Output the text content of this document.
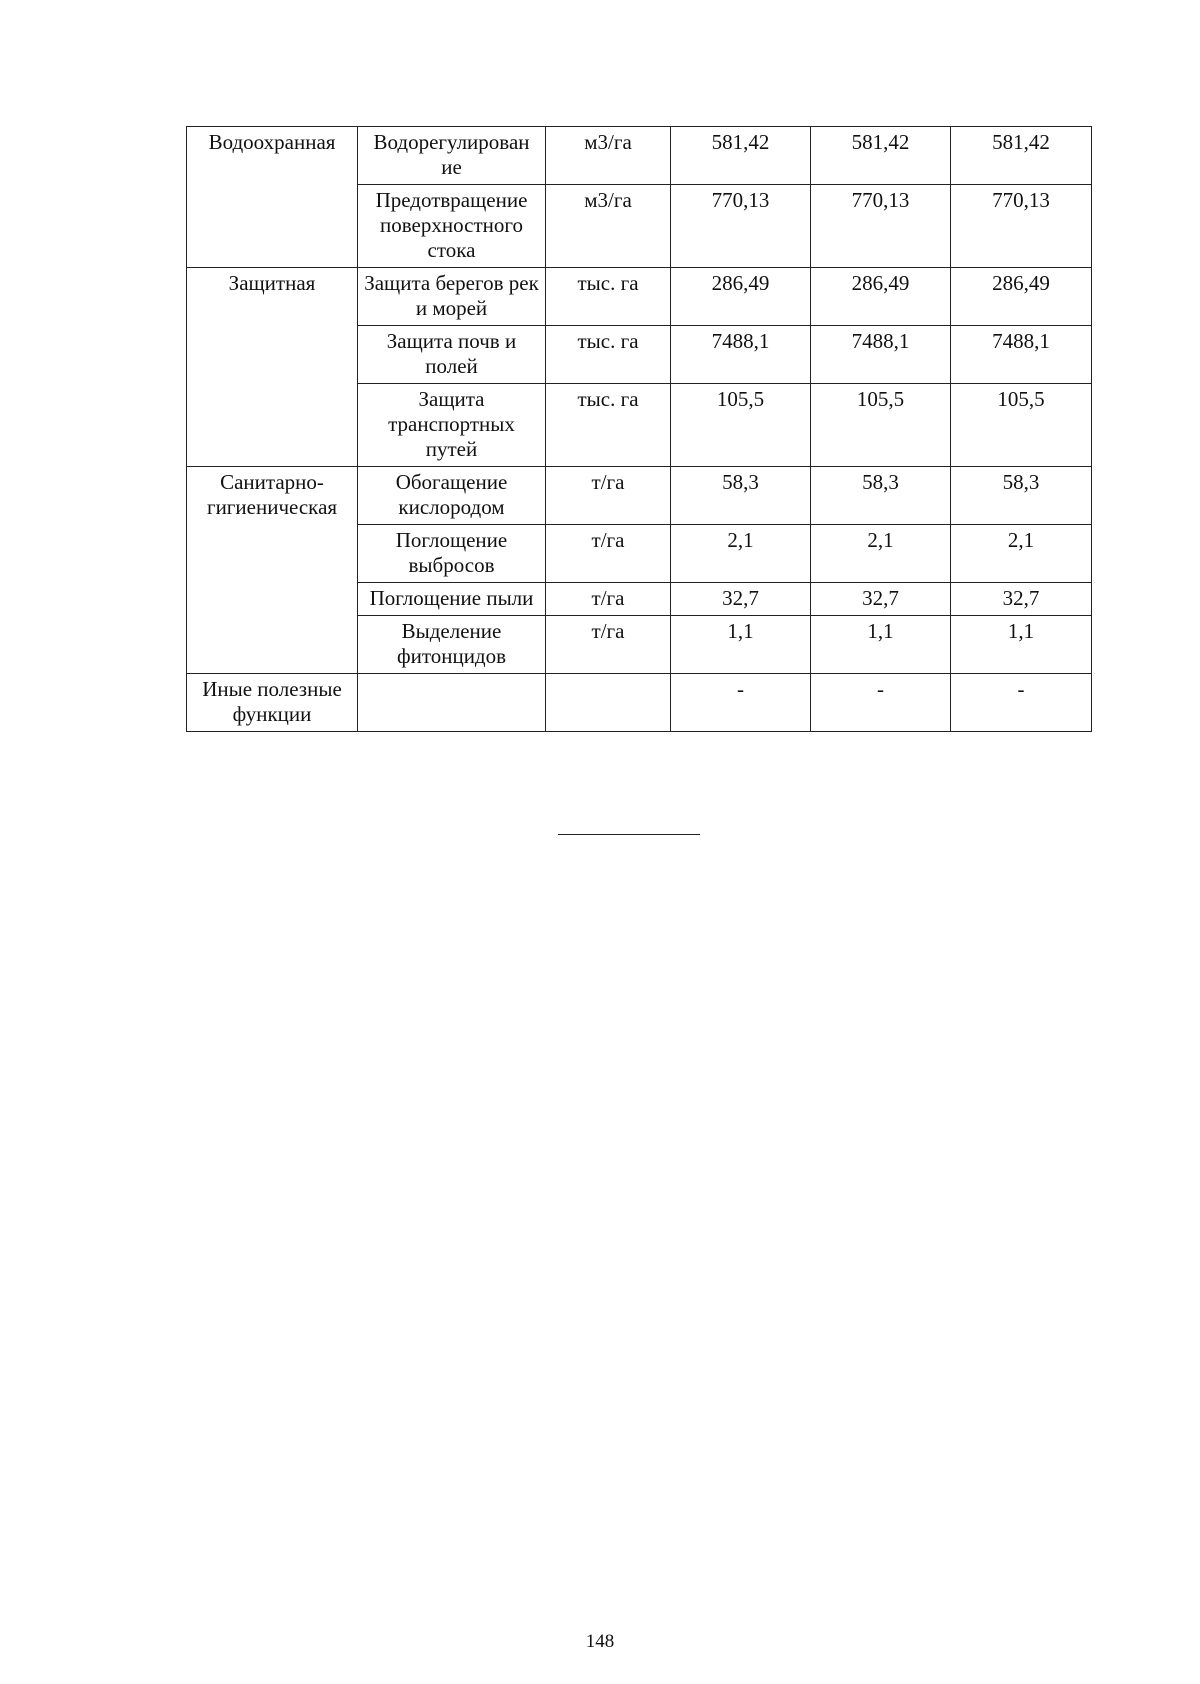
Водоохранная	Водорегулирован ие	м3/га	581,42	581,42	581,42
	Предотвращение поверхностного стока	м3/га	770,13	770,13	770,13
Защитная	Защита берегов рек и морей	тыс. га	286,49	286,49	286,49
	Защита почв и полей	тыс. га	7488,1	7488,1	7488,1
	Защита транспортных путей	тыс. га	105,5	105,5	105,5
Санитарно-гигиеническая	Обогащение кислородом	т/га	58,3	58,3	58,3
	Поглощение выбросов	т/га	2,1	2,1	2,1
	Поглощение пыли	т/га	32,7	32,7	32,7
	Выделение фитонцидов	т/га	1,1	1,1	1,1
Иные полезные функции			-	-	-
148
